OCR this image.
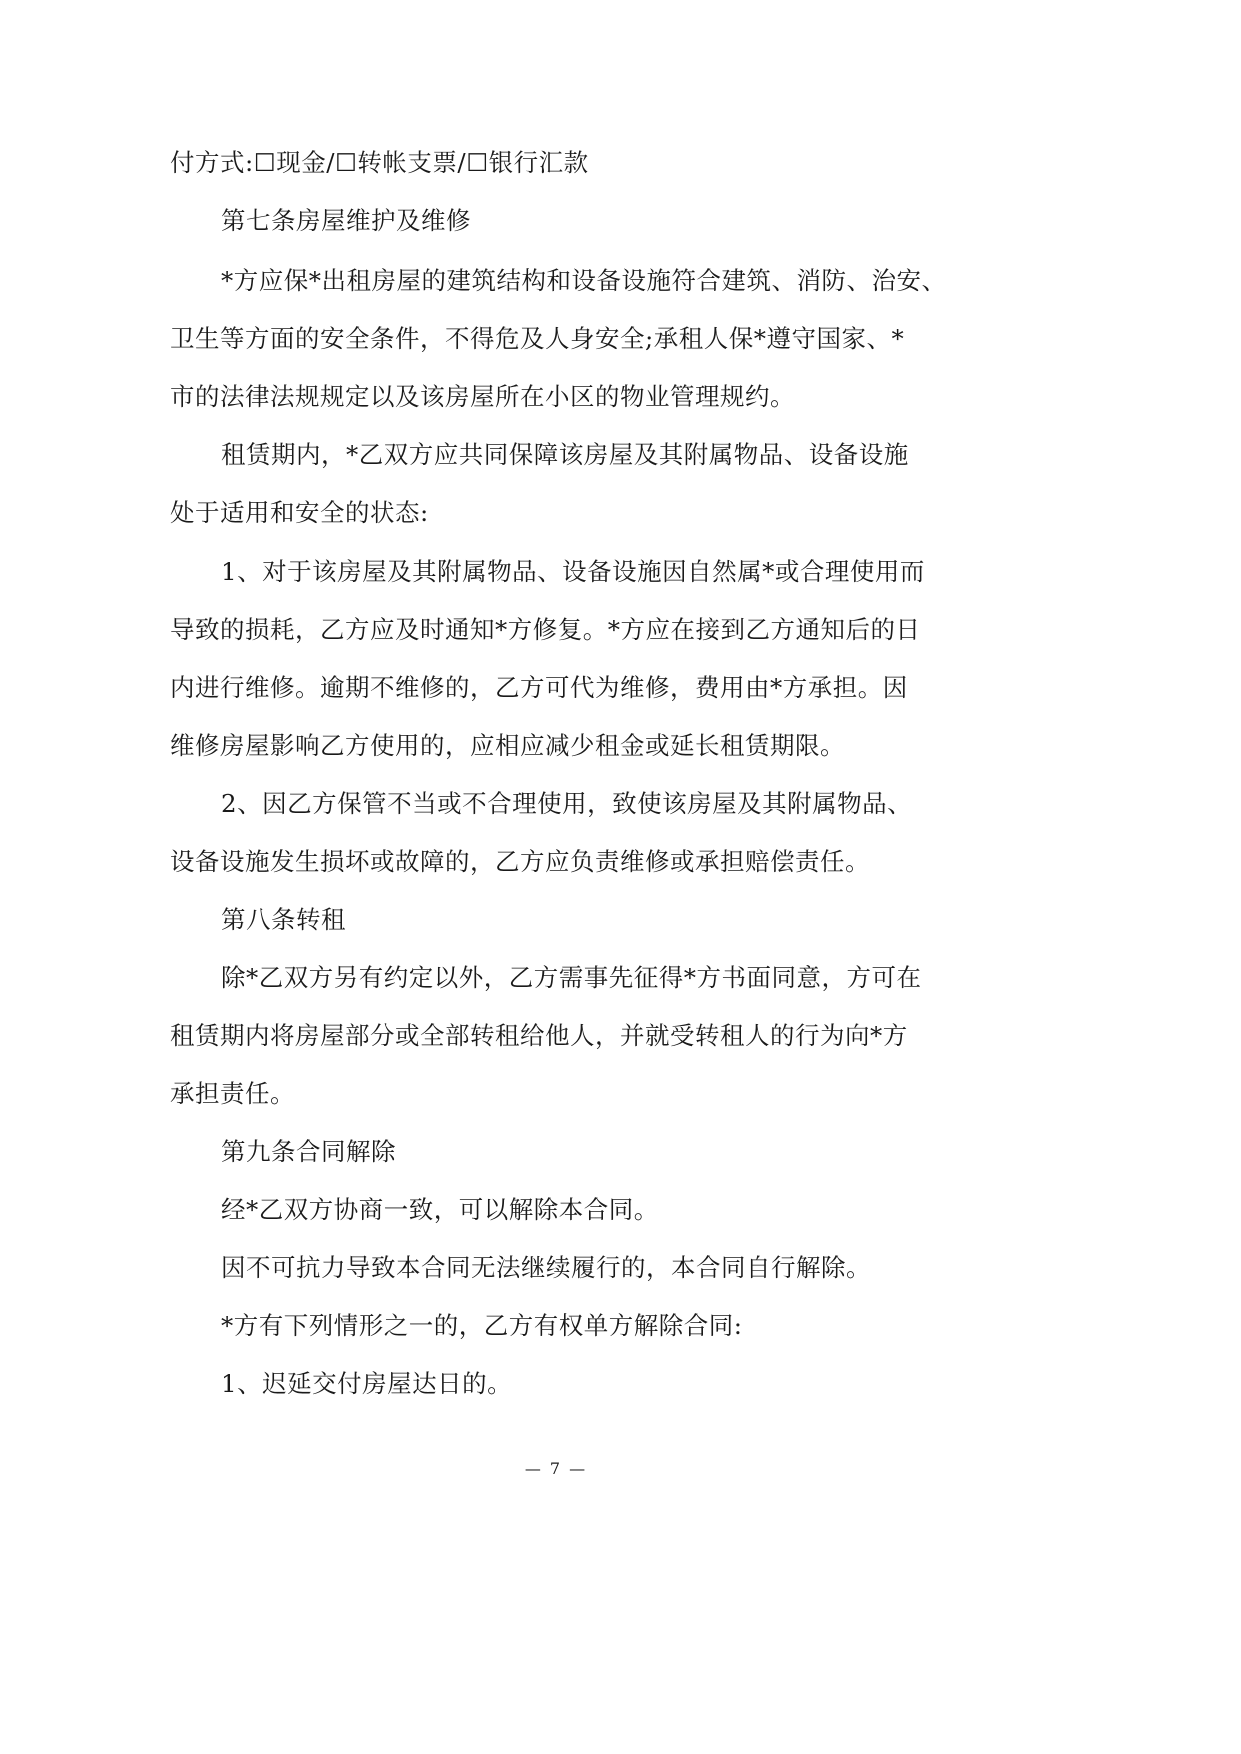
付方式:☐现金/☐转帐支票/☐银行汇款
第七条房屋维护及维修
*方应保*出租房屋的建筑结构和设备设施符合建筑、消防、治安、
卫生等方面的安全条件，不得危及人身安全;承租人保*遵守国家、*
市的法律法规规定以及该房屋所在小区的物业管理规约。
租赁期内，*乙双方应共同保障该房屋及其附属物品、设备设施
处于适用和安全的状态:
1、对于该房屋及其附属物品、设备设施因自然属*或合理使用而
导致的损耗，乙方应及时通知*方修复。*方应在接到乙方通知后的日
内进行维修。逾期不维修的，乙方可代为维修，费用由*方承担。因
维修房屋影响乙方使用的，应相应减少租金或延长租赁期限。
2、因乙方保管不当或不合理使用，致使该房屋及其附属物品、
设备设施发生损坏或故障的，乙方应负责维修或承担赔偿责任。
第八条转租
除*乙双方另有约定以外，乙方需事先征得*方书面同意，方可在
租赁期内将房屋部分或全部转租给他人，并就受转租人的行为向*方
承担责任。
第九条合同解除
经*乙双方协商一致，可以解除本合同。
因不可抗力导致本合同无法继续履行的，本合同自行解除。
*方有下列情形之一的，乙方有权单方解除合同:
1、迟延交付房屋达日的。
— 7 —
